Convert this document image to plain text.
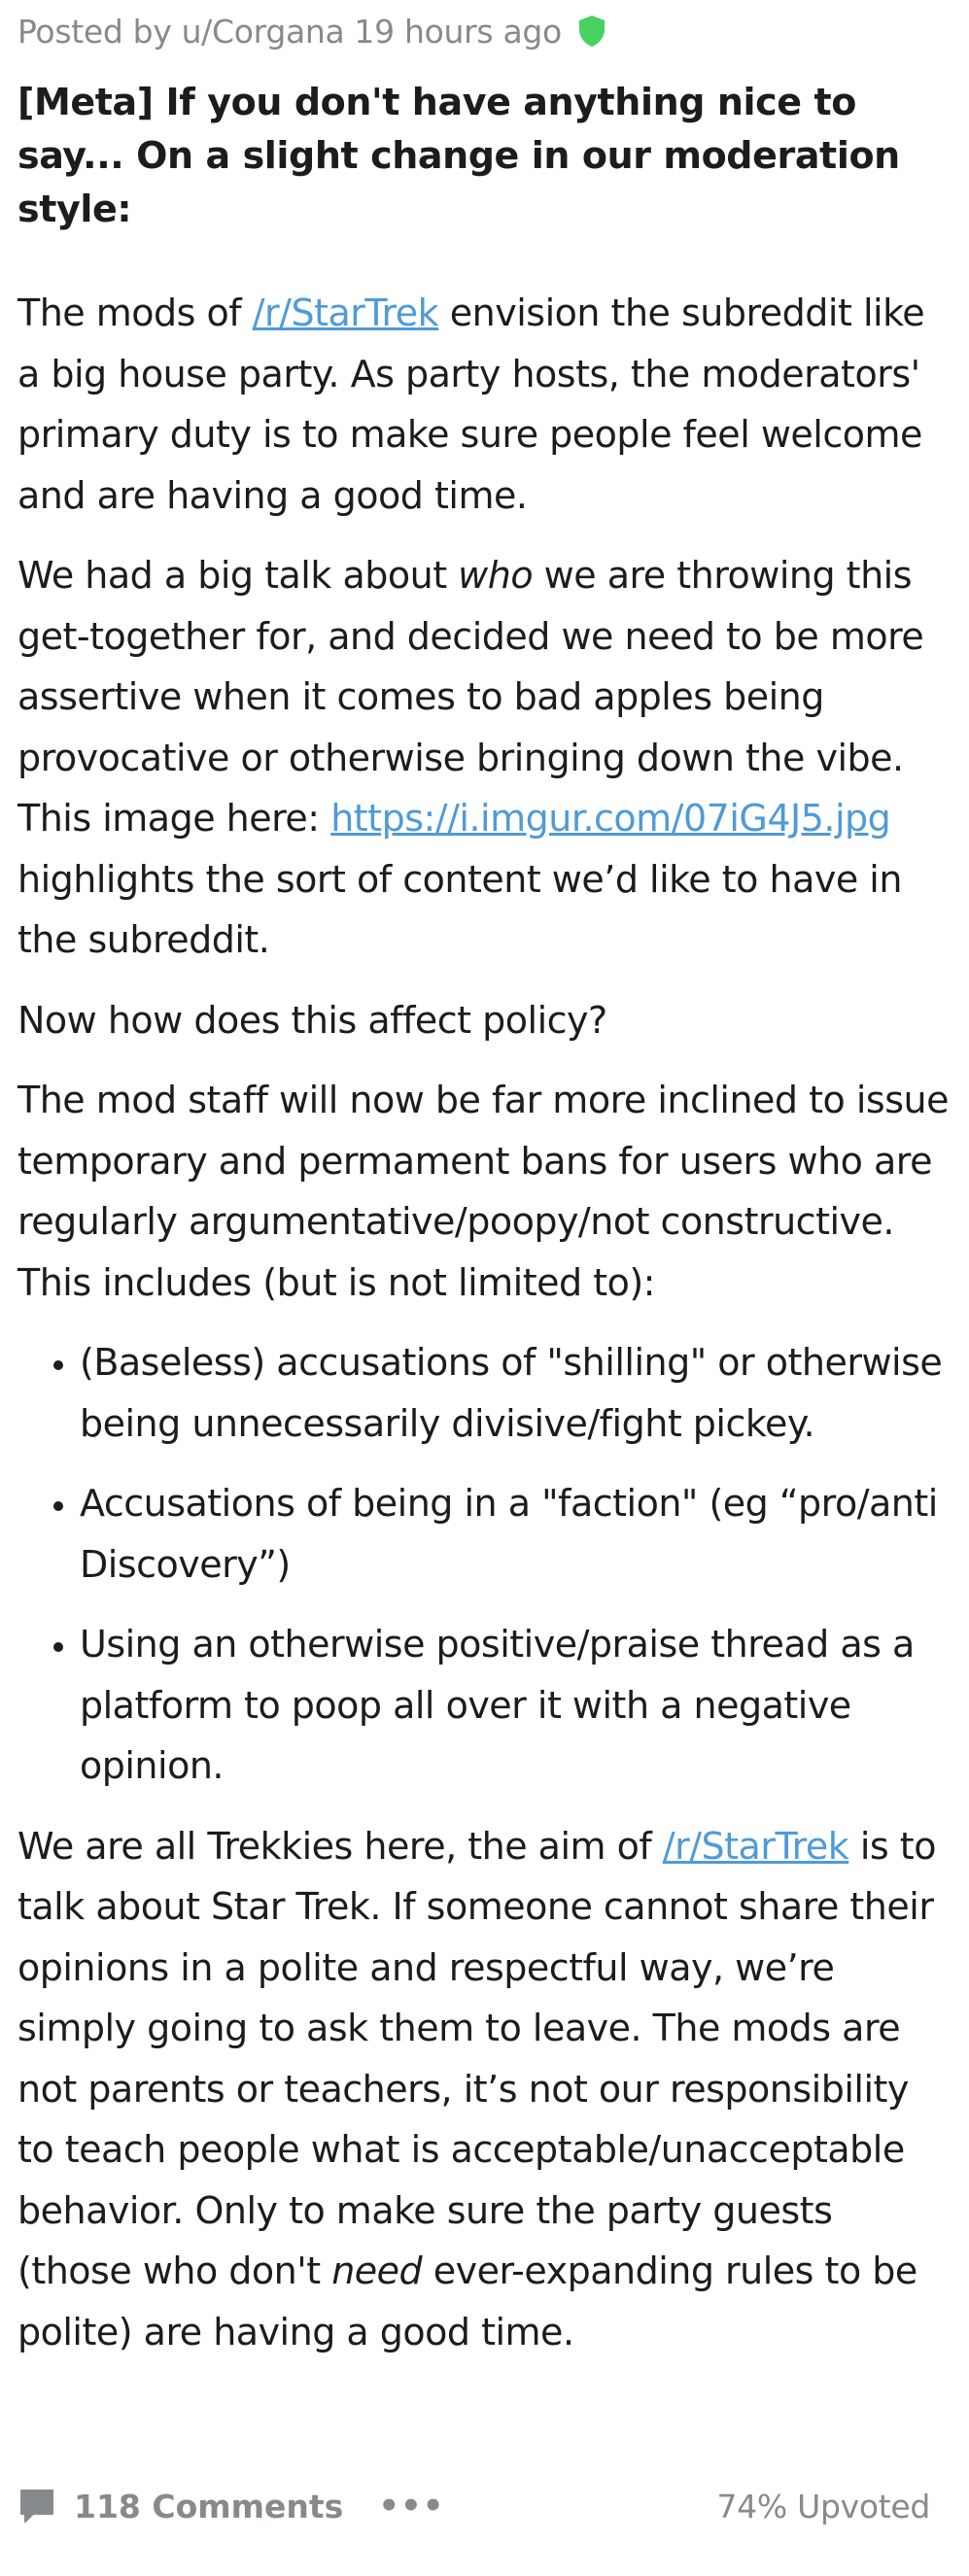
Posted by u/Corgana 19 hours ago
[Meta] If you don't have anything nice to say... On a slight change in our moderation style:

The mods of /r/StarTrek envision the subreddit like a big house party. As party hosts, the moderators' primary duty is to make sure people feel welcome and are having a good time.

We had a big talk about who we are throwing this get-together for, and decided we need to be more assertive when it comes to bad apples being provocative or otherwise bringing down the vibe. This image here: https://i.imgur.com/07iG4J5.jpg highlights the sort of content we’d like to have in the subreddit.

Now how does this affect policy?

The mod staff will now be far more inclined to issue temporary and permament bans for users who are regularly argumentative/poopy/not constructive. This includes (but is not limited to):

• (Baseless) accusations of "shilling" or otherwise being unnecessarily divisive/fight pickey.
• Accusations of being in a "faction" (eg “pro/anti Discovery”)
• Using an otherwise positive/praise thread as a platform to poop all over it with a negative opinion.

We are all Trekkies here, the aim of /r/StarTrek is to talk about Star Trek. If someone cannot share their opinions in a polite and respectful way, we’re simply going to ask them to leave. The mods are not parents or teachers, it’s not our responsibility to teach people what is acceptable/unacceptable behavior. Only to make sure the party guests (those who don't need ever-expanding rules to be polite) are having a good time.

118 Comments •••	74% Upvoted
